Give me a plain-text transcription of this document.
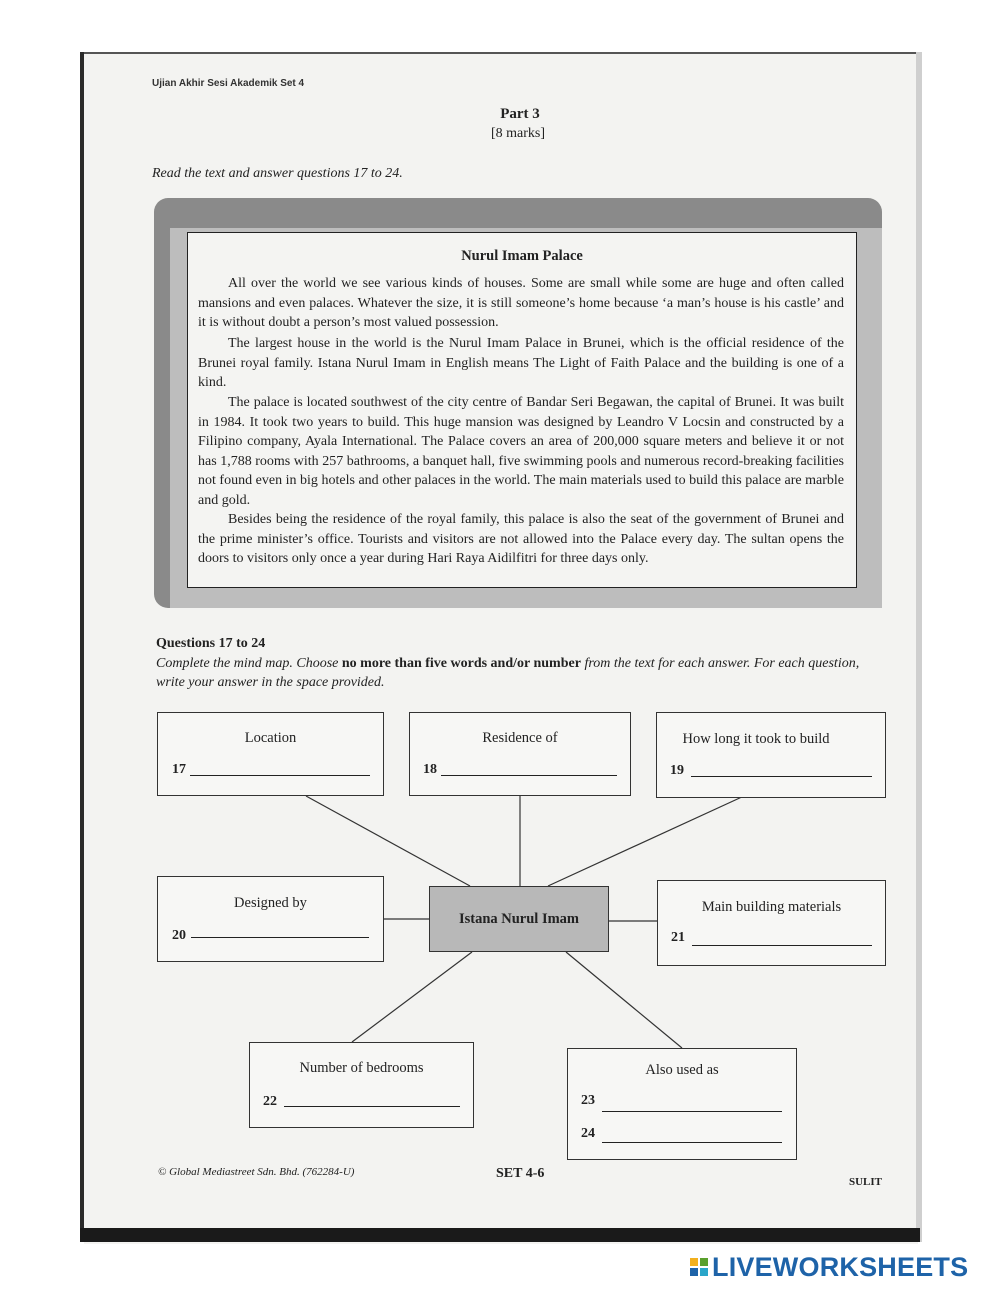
Ujian Akhir Sesi Akademik Set 4
Part 3
[8 marks]
Read the text and answer questions 17 to 24.
Nurul Imam Palace

All over the world we see various kinds of houses. Some are small while some are huge and often called mansions and even palaces. Whatever the size, it is still someone’s home because ‘a man’s house is his castle’ and it is without doubt a person’s most valued possession.

The largest house in the world is the Nurul Imam Palace in Brunei, which is the official residence of the Brunei royal family. Istana Nurul Imam in English means The Light of Faith Palace and the building is one of a kind.

The palace is located southwest of the city centre of Bandar Seri Begawan, the capital of Brunei. It was built in 1984. It took two years to build. This huge mansion was designed by Leandro V Locsin and constructed by a Filipino company, Ayala International. The Palace covers an area of 200,000 square meters and believe it or not has 1,788 rooms with 257 bathrooms, a banquet hall, five swimming pools and numerous record-breaking facilities not found even in big hotels and other palaces in the world. The main materials used to build this palace are marble and gold.

Besides being the residence of the royal family, this palace is also the seat of the government of Brunei and the prime minister’s office. Tourists and visitors are not allowed into the Palace every day. The sultan opens the doors to visitors only once a year during Hari Raya Aidilfitri for three days only.

Questions 17 to 24
Complete the mind map. Choose no more than five words and/or number from the text for each answer. For each question, write your answer in the space provided.
Location
17
Residence of
18
How long it took to build
19
Designed by
20
Istana Nurul Imam
Main building materials
21
Number of bedrooms
22
Also used as
23
24
© Global Mediastreet Sdn. Bhd. (762284-U)	SET 4-6
SULIT
LIVEWORKSHEETS
